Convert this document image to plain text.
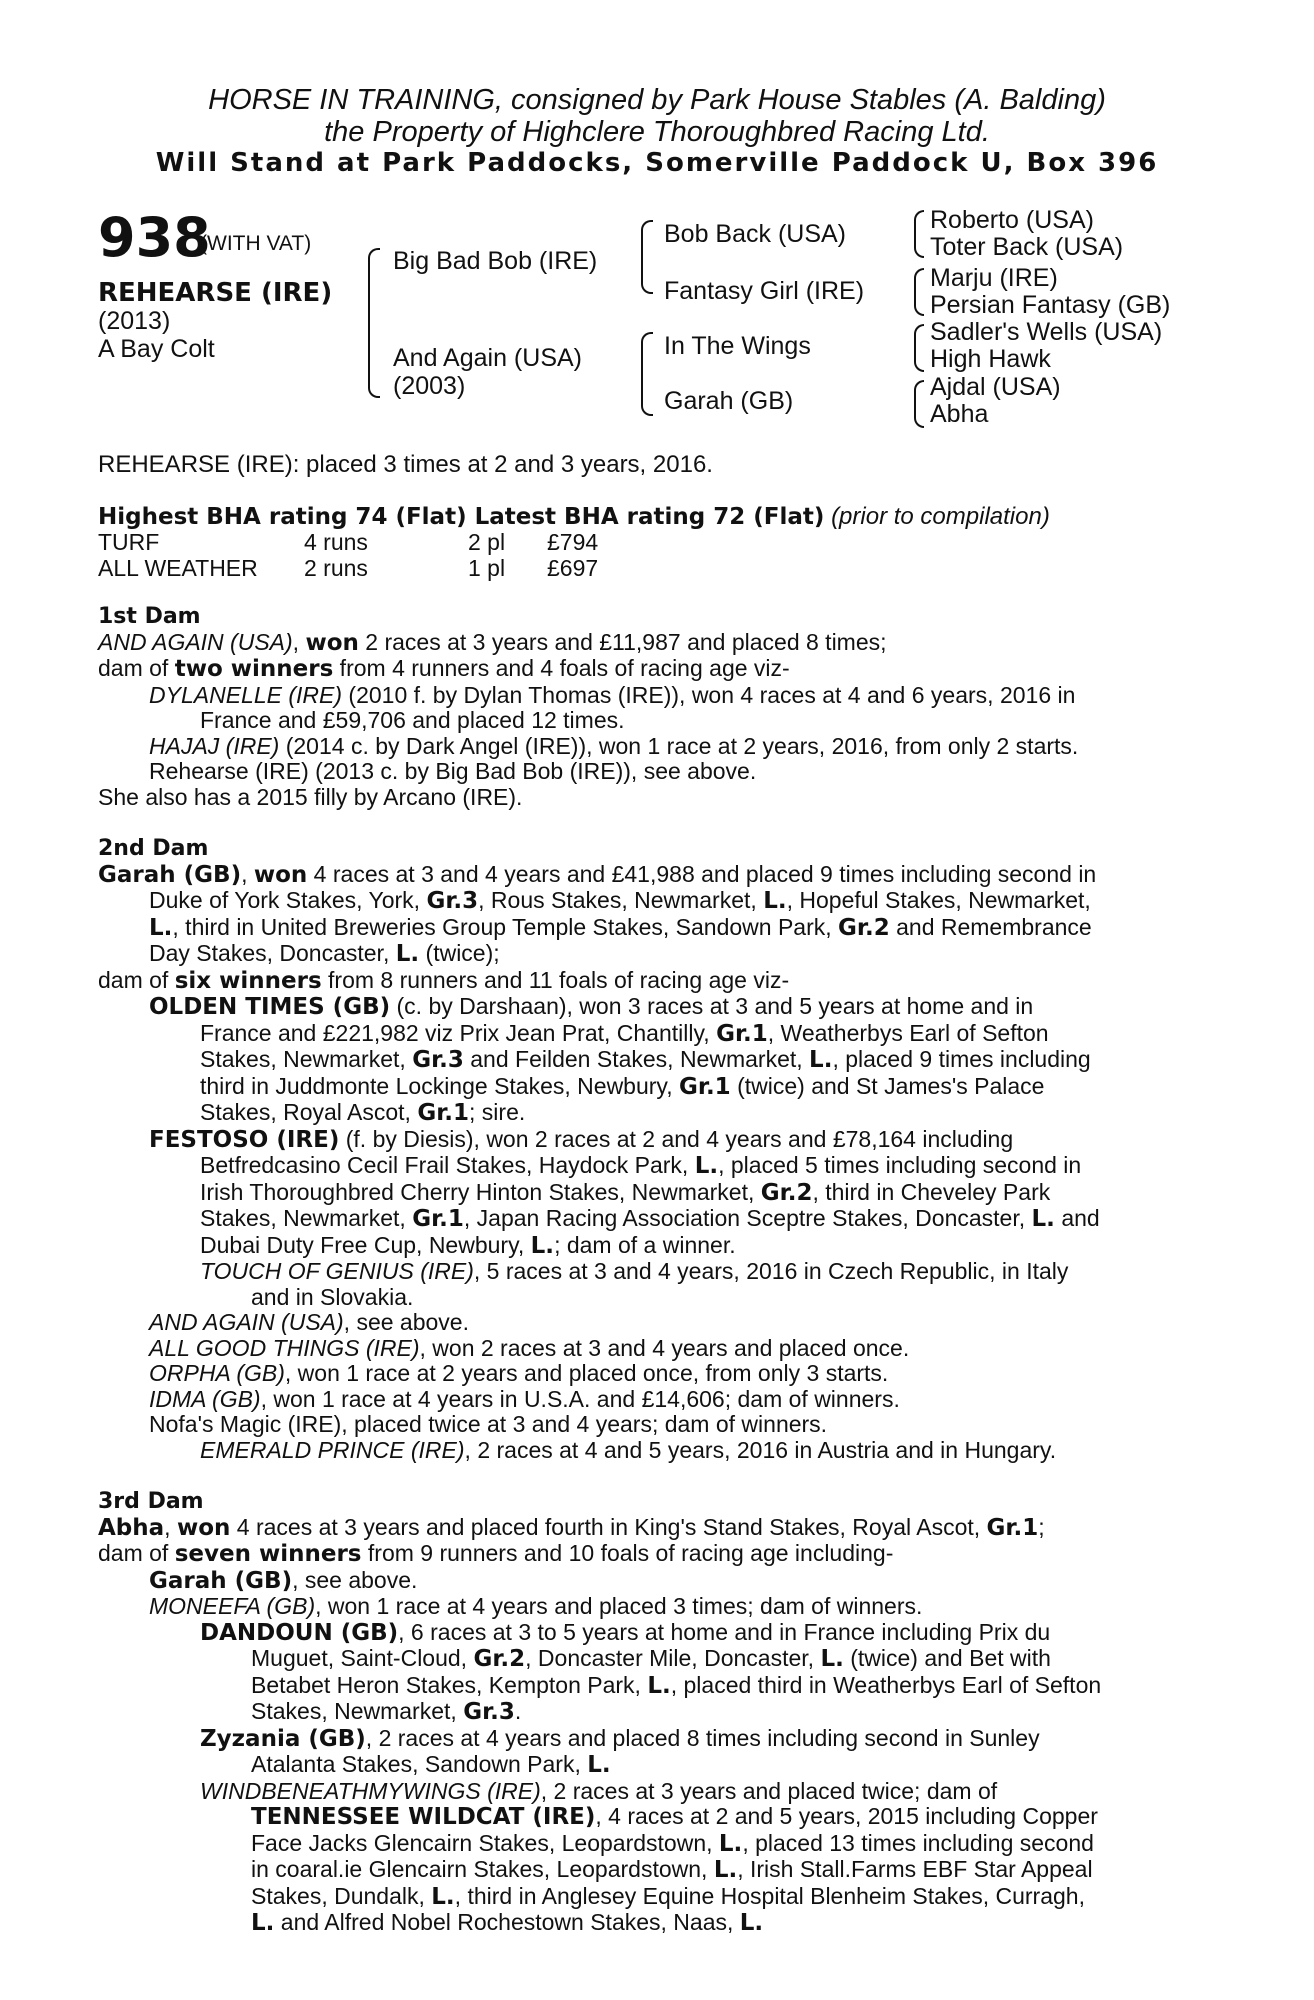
HORSE IN TRAINING, consigned by Park House Stables (A. Balding)
the Property of Highclere Thoroughbred Racing Ltd.
Will Stand at Park Paddocks, Somerville Paddock U, Box 396
938
(WITH VAT)
REHEARSE (IRE)
(2013)
A Bay Colt
Big Bad Bob (IRE)
And Again (USA)
(2003)
Bob Back (USA)
Fantasy Girl (IRE)
In The Wings
Garah (GB)
Roberto (USA)
Toter Back (USA)
Marju (IRE)
Persian Fantasy (GB)
Sadler's Wells (USA)
High Hawk
Ajdal (USA)
Abha
REHEARSE (IRE): placed 3 times at 2 and 3 years, 2016.
Highest BHA rating 74 (Flat) Latest BHA rating 72 (Flat) (prior to compilation)
TURF	4 runs	2 pl £794
ALL WEATHER 2 runs	1 pl £697

1st Dam

AND AGAIN (USA), won 2 races at 3 years and £11,987 and placed 8 times;

dam of two winners from 4 runners and 4 foals of racing age viz-

DYLANELLE (IRE) (2010 f. by Dylan Thomas (IRE)), won 4 races at 4 and 6 years, 2016 in
France and £59,706 and placed 12 times.

HAJAJ (IRE) (2014 c. by Dark Angel (IRE)), won 1 race at 2 years, 2016, from only 2 starts.

Rehearse (IRE) (2013 c. by Big Bad Bob (IRE)), see above.

She also has a 2015 filly by Arcano (IRE).

2nd Dam

Garah (GB), won 4 races at 3 and 4 years and £41,988 and placed 9 times including second in

Duke of York Stakes, York, Gr.3, Rous Stakes, Newmarket, L., Hopeful Stakes, Newmarket,

L., third in United Breweries Group Temple Stakes, Sandown Park, Gr.2 and Remembrance

Day Stakes, Doncaster, L. (twice);

dam of six winners from 8 runners and 11 foals of racing age viz-

OLDEN TIMES (GB) (c. by Darshaan), won 3 races at 3 and 5 years at home and in

France and £221,982 viz Prix Jean Prat, Chantilly, Gr.1, Weatherbys Earl of Sefton

Stakes, Newmarket, Gr.3 and Feilden Stakes, Newmarket, L., placed 9 times including

third in Juddmonte Lockinge Stakes, Newbury, Gr.1 (twice) and St James's Palace

Stakes, Royal Ascot, Gr.1; sire.

FESTOSO (IRE) (f. by Diesis), won 2 races at 2 and 4 years and £78,164 including

Betfredcasino Cecil Frail Stakes, Haydock Park, L., placed 5 times including second in

Irish Thoroughbred Cherry Hinton Stakes, Newmarket, Gr.2, third in Cheveley Park

Stakes, Newmarket, Gr.1, Japan Racing Association Sceptre Stakes, Doncaster, L. and

Dubai Duty Free Cup, Newbury, L.; dam of a winner.

TOUCH OF GENIUS (IRE), 5 races at 3 and 4 years, 2016 in Czech Republic, in Italy

and in Slovakia.

AND AGAIN (USA), see above.

ALL GOOD THINGS (IRE), won 2 races at 3 and 4 years and placed once.

ORPHA (GB), won 1 race at 2 years and placed once, from only 3 starts.

IDMA (GB), won 1 race at 4 years in U.S.A. and £14,606; dam of winners.

Nofa's Magic (IRE), placed twice at 3 and 4 years; dam of winners.

EMERALD PRINCE (IRE), 2 races at 4 and 5 years, 2016 in Austria and in Hungary.

3rd Dam

Abha, won 4 races at 3 years and placed fourth in King's Stand Stakes, Royal Ascot, Gr.1;

dam of seven winners from 9 runners and 10 foals of racing age including-

Garah (GB), see above.

MONEEFA (GB), won 1 race at 4 years and placed 3 times; dam of winners.

DANDOUN (GB), 6 races at 3 to 5 years at home and in France including Prix du

Muguet, Saint-Cloud, Gr.2, Doncaster Mile, Doncaster, L. (twice) and Bet with

Betabet Heron Stakes, Kempton Park, L., placed third in Weatherbys Earl of Sefton

Stakes, Newmarket, Gr.3.

Zyzania (GB), 2 races at 4 years and placed 8 times including second in Sunley

Atalanta Stakes, Sandown Park, L.

WINDBENEATHMYWINGS (IRE), 2 races at 3 years and placed twice; dam of

TENNESSEE WILDCAT (IRE), 4 races at 2 and 5 years, 2015 including Copper

Face Jacks Glencairn Stakes, Leopardstown, L., placed 13 times including second

in coaral.ie Glencairn Stakes, Leopardstown, L., Irish Stall.Farms EBF Star Appeal

Stakes, Dundalk, L., third in Anglesey Equine Hospital Blenheim Stakes, Curragh,

L. and Alfred Nobel Rochestown Stakes, Naas, L.
